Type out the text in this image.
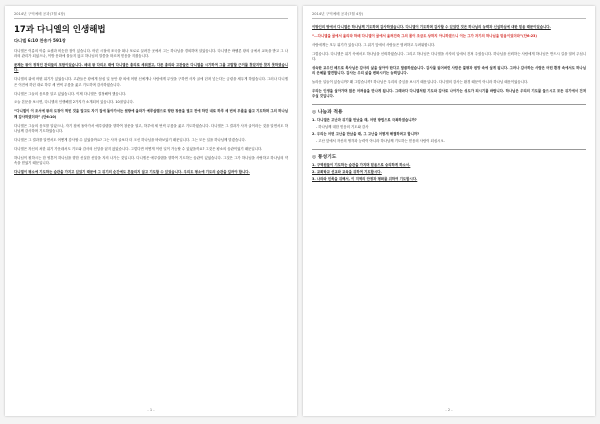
2014년 구역예배 공과(7월 4장)
17과 다니엘의 인생해법
다니엘 6:10 찬송가 591장

다니엘은 이름의 아름 요셉과 비슷한 점이 있습니다. 어린 시절에 조국을 떠나 포로로 끌려간 곳에서 그는 하나님을 경외하며 살았습니다. 다니엘은 바벨론 왕의 궁에서 교육을 받고 그 나라의 관리가 되었으나, 이방 문화에 물들지 않고 하나님의 말씀을 따르며 믿음을 지켰습니다.

문제는 왕이 정적인 관리들의 모함이었습니다. 메대 왕 다리오 때에 다니엘은 총리로 세워졌고, 다른 총리와 고관들은 다니엘을 시기하여 그를 고발할 근거를 찾았지만 찾지 못하였습니다.

다니엘의 위에 어떤 위기가 있었습니다. 고관들은 왕에게 삼십 일 동안 왕 외에 어떤 신에게나 사람에게 무엇을 구하면 사자 굴에 던져 넣는다는 금령을 세우게 하였습니다. 그러나 다니엘은 이전에 하던 대로 하루 세 번씩 무릎을 꿇고 기도하며 감사하였습니다.

다니엘은 그들의 음모를 알고 있었습니다. 이제 다니엘은 결정해야 했습니다.

오늘 본문을 보시면, 다니엘의 인생해법 2가지가 소개되어 있습니다. 10절입니다.

“다니엘이 이 조서에 왕의 도장이 찍힌 것을 알고도 자기 집에 돌아가서는 윗방에 올라가 예루살렘으로 향한 창문을 열고 전에 하던 대로 하루 세 번씩 무릎을 꿇고 기도하며 그의 하나님께 감사하였더라” (단6:10)

다니엘은 그들의 음모를 알았으나, 자기 집에 돌아가서 예루살렘을 향하여 창문을 열고, 하루에 세 번씩 무릎을 꿇고 기도하였습니다. 다니엘은 그 결과가 사자 굴이라는 것을 알면서도 하나님께 감사하며 기도하였습니다.

다니엘은 그 결과를 알면서도 어떻게 감사할 수 있었을까요? 그는 사자 굴보다 더 크신 하나님을 바라보았기 때문입니다. 그는 모든 일을 하나님께 맡겼습니다.

다니엘은 자신의 처한 위기 가운데서도 기도와 감사의 신앙을 잃지 않았습니다. 그렇다면 어떻게 이런 일이 가능할 수 있었을까요? 그것은 평소의 습관이었기 때문입니다.

하나님이 원하시는 한 영혼이 하나님을 향한 신실한 신앙을 지켜 나가는 것입니다. 다니엘은 예루살렘을 향하여 기도하는 습관이 있었습니다. 그것은 그가 하나님을 사랑하고 하나님의 약속을 믿었기 때문입니다.

다니엘이 평소에 기도하는 습관을 가지고 있었기 때문에 그 위기의 순간에도 흔들리지 않고 기도할 수 있었습니다. 우리도 평소에 기도의 습관을 길러야 합니다.

- 1 -
2014년 구역예배 공과(7월 4장)

이방인의 땅에서 다니엘은 하나님께 기도하며 감사하였습니다. 다니엘이 기도하며 감사할 수 있었던 것은 하나님의 능력과 신실하심에 대한 믿음 때문이었습니다.

“…다니엘을 굴에서 올리라 하매 다니엘이 굴에서 올려진즉 그의 몸이 조금도 상하지 아니하였으니 이는 그가 자기의 하나님을 믿음이었더라”(단6:23)

사람에게는 모두 위기가 있습니다. 그 위기 앞에서 사람들은 염려하고 두려워합니다.

그렇습니다. 다니엘은 위기 속에서도 하나님을 신뢰하였습니다. 그리고 하나님은 다니엘을 사자의 입에서 건져 주셨습니다. 하나님을 신뢰하는 사람에게 하나님은 반드시 길을 열어 주십니다.

성숙한 교우인 베드로 목사님은 감사의 삶을 살아야 한다고 말씀하셨습니다. 감사를 잃어버린 사람은 불평과 원망 속에 살게 됩니다. 그러나 감사하는 사람은 어떤 환경 속에서도 하나님의 은혜를 발견합니다. 감사는 우리 삶을 변화시키는 능력입니다.

놀라운 일들이 있습니까? 왜 그렇습니까? 하나님은 우리의 중심을 보시기 때문입니다. 다니엘의 감사는 환경 때문이 아니라 하나님 때문이었습니다.

우리는 인생을 살아가며 많은 어려움을 만나게 됩니다. 그때마다 다니엘처럼 기도와 감사로 나아가는 성도가 되시기를 바랍니다. 하나님은 우리의 기도를 들으시고 모든 위기에서 건져 주실 것입니다.

◎ 나눔과 적용
1. 다니엘은 고난과 위기를 만났을 때, 어떤 방법으로 극복하였습니까?
- 하나님께 대한 믿음의 기도와 감사
2. 우리는 어떤 고난을 만났을 때, 그 고난을 어떻게 해결하려고 합니까?
- 고난 앞에서 자신의 생각과 능력이 아니라 하나님께 기도하는 믿음의 사람이 되십시오.
◎ 통성기도
1. 구역원들이 기도하는 습관을 가지며 믿음으로 승리하게 하소서.
2. 교회학교 선교와 교육을 위하여 기도합시다.
3. 나라와 민족을 위해서, 이 지역의 안정과 평화를 위하여 기도합시다.
- 2 -
